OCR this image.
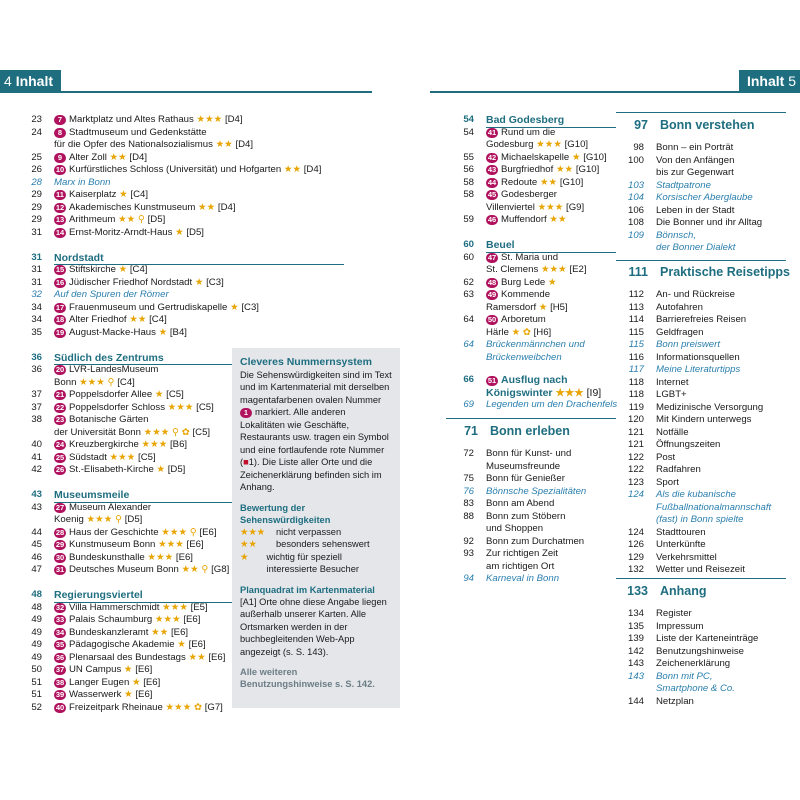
4 Inhalt	Inhalt 5
23	7 Marktplatz und Altes Rathaus ★★★ [D4]
24	8 Stadtmuseum und Gedenkstätte
für die Opfer des Nationalsozialismus ★★ [D4]
25	9 Alter Zoll ★★ [D4]
26 10 Kurfürstliches Schloss (Universität) und Hofgarten ★★ [D4]
28 Marx in Bonn
29 11 Kaiserplatz ★ [C4]
29 12 Akademisches Kunstmuseum ★★ [D4]
29 13 Arithmeum ★★ ⚲ [D5]
31 14 Ernst-Moritz-Arndt-Haus ★ [D5]
31 Nordstadt
31 15 Stiftskirche ★ [C4]
31 16 Jüdischer Friedhof Nordstadt ★ [C3]
32 Auf den Spuren der Römer
34 17 Frauenmuseum und Gertrudiskapelle ★ [C3]
34 18 Alter Friedhof ★★ [C4]
35 19 August-Macke-Haus ★ [B4]
36 Südlich des Zentrums
36 20 LVR-LandesMuseum
Bonn ★★★ ⚲ [C4]
37 21 Poppelsdorfer Allee ★ [C5]
37 22 Poppelsdorfer Schloss ★★★ [C5]
38 23 Botanische Gärten
der Universität Bonn ★★★ ⚲ ✿ [C5]
40 24 Kreuzbergkirche ★★★ [B6]
41 25 Südstadt ★★★ [C5]
42 26 St.-Elisabeth-Kirche ★ [D5]
43 Museumsmeile
43 27 Museum Alexander
Koenig ★★★ ⚲ [D5]
44 28 Haus der Geschichte ★★★ ⚲ [E6]
45 29 Kunstmuseum Bonn ★★★ [E6]
46 30 Bundeskunsthalle ★★★ [E6]
47 31 Deutsches Museum Bonn ★★ ⚲ [G8]
48 Regierungsviertel
48 32 Villa Hammerschmidt ★★★ [E5]
49 33 Palais Schaumburg ★★★ [E6]
49 34 Bundeskanzleramt ★★ [E6]
49 35 Pädagogische Akademie ★ [E6]
49 36 Plenarsaal des Bundestags ★★ [E6]
50 37 UN Campus ★ [E6]
51 38 Langer Eugen ★ [E6]
51 39 Wasserwerk ★ [E6]
52 40 Freizeitpark Rheinaue ★★★ ✿ [G7]
54 Bad Godesberg
54 41 Rund um die
Godesburg ★★★ [G10]
55 42 Michaelskapelle ★ [G10]
56 43 Burgfriedhof ★★ [G10]
58 44 Redoute ★★ [G10]
58 45 Godesberger
Villenviertel ★★★ [G9]
59 46 Muffendorf ★★
60 Beuel
60 47 St. Maria und
St. Clemens ★★★ [E2]
62 48 Burg Lede ★
63 49 Kommende
Ramersdorf ★ [H5]
64 50 Arboretum
Härle ★ ✿ [H6]
64 Brückenmännchen und
Brückenweibchen
66 51 Ausflug nach
Königswinter ★★★ [I9]
69 Legenden um den Drachenfels
71 Bonn erleben
72 Bonn für Kunst- und
Museumsfreunde
75 Bonn für Genießer
76 Bönnsche Spezialitäten
83 Bonn am Abend
88 Bonn zum Stöbern
und Shoppen
92 Bonn zum Durchatmen
93 Zur richtigen Zeit
am richtigen Ort
94 Karneval in Bonn
97 Bonn verstehen
98 Bonn – ein Porträt
100 Von den Anfängen
bis zur Gegenwart
103 Stadtpatrone
104 Korsischer Aberglaube
106 Leben in der Stadt
108 Die Bonner und ihr Alltag
109 Bönnsch,
der Bonner Dialekt
111 Praktische Reisetipps
112 An- und Rückreise
113 Autofahren
114 Barrierefreies Reisen
115 Geldfragen
115 Bonn preiswert
116 Informationsquellen
117 Meine Literaturtipps
118 Internet
118 LGBT+
119 Medizinische Versorgung
120 Mit Kindern unterwegs
121 Notfälle
121 Öffnungszeiten
122 Post
122 Radfahren
123 Sport
124 Als die kubanische
Fußballnationalmannschaft
(fast) in Bonn spielte
124 Stadttouren
126 Unterkünfte
129 Verkehrsmittel
132 Wetter und Reisezeit
133 Anhang
134 Register
135 Impressum
139 Liste der Karteneinträge
142 Benutzungshinweise
143 Zeichenerklärung
143 Bonn mit PC,
Smartphone & Co.
144 Netzplan
Cleveres Nummernsystem

Die Sehenswürdigkeiten sind im Text und im Kartenmaterial mit derselben magentafarbenen ovalen Nummer 1 markiert. Alle anderen Lokalitäten wie Geschäfte, Restaurants usw. tragen ein Symbol und eine fortlaufende rote Nummer (■1). Die Liste aller Orte und die Zeichenerklärung befinden sich im Anhang.

Bewertung der Sehenswürdigkeiten

★★★	nicht verpassen
★★	besonders sehenswert
★	wichtig für speziell interessierte Besucher

Planquadrat im Kartenmaterial

[A1] Orte ohne diese Angabe liegen außerhalb unserer Karten. Alle Ortsmarken werden in der buchbegleitenden Web-App angezeigt (s. S. 143).

Alle weiteren Benutzungshinweise s. S. 142.
